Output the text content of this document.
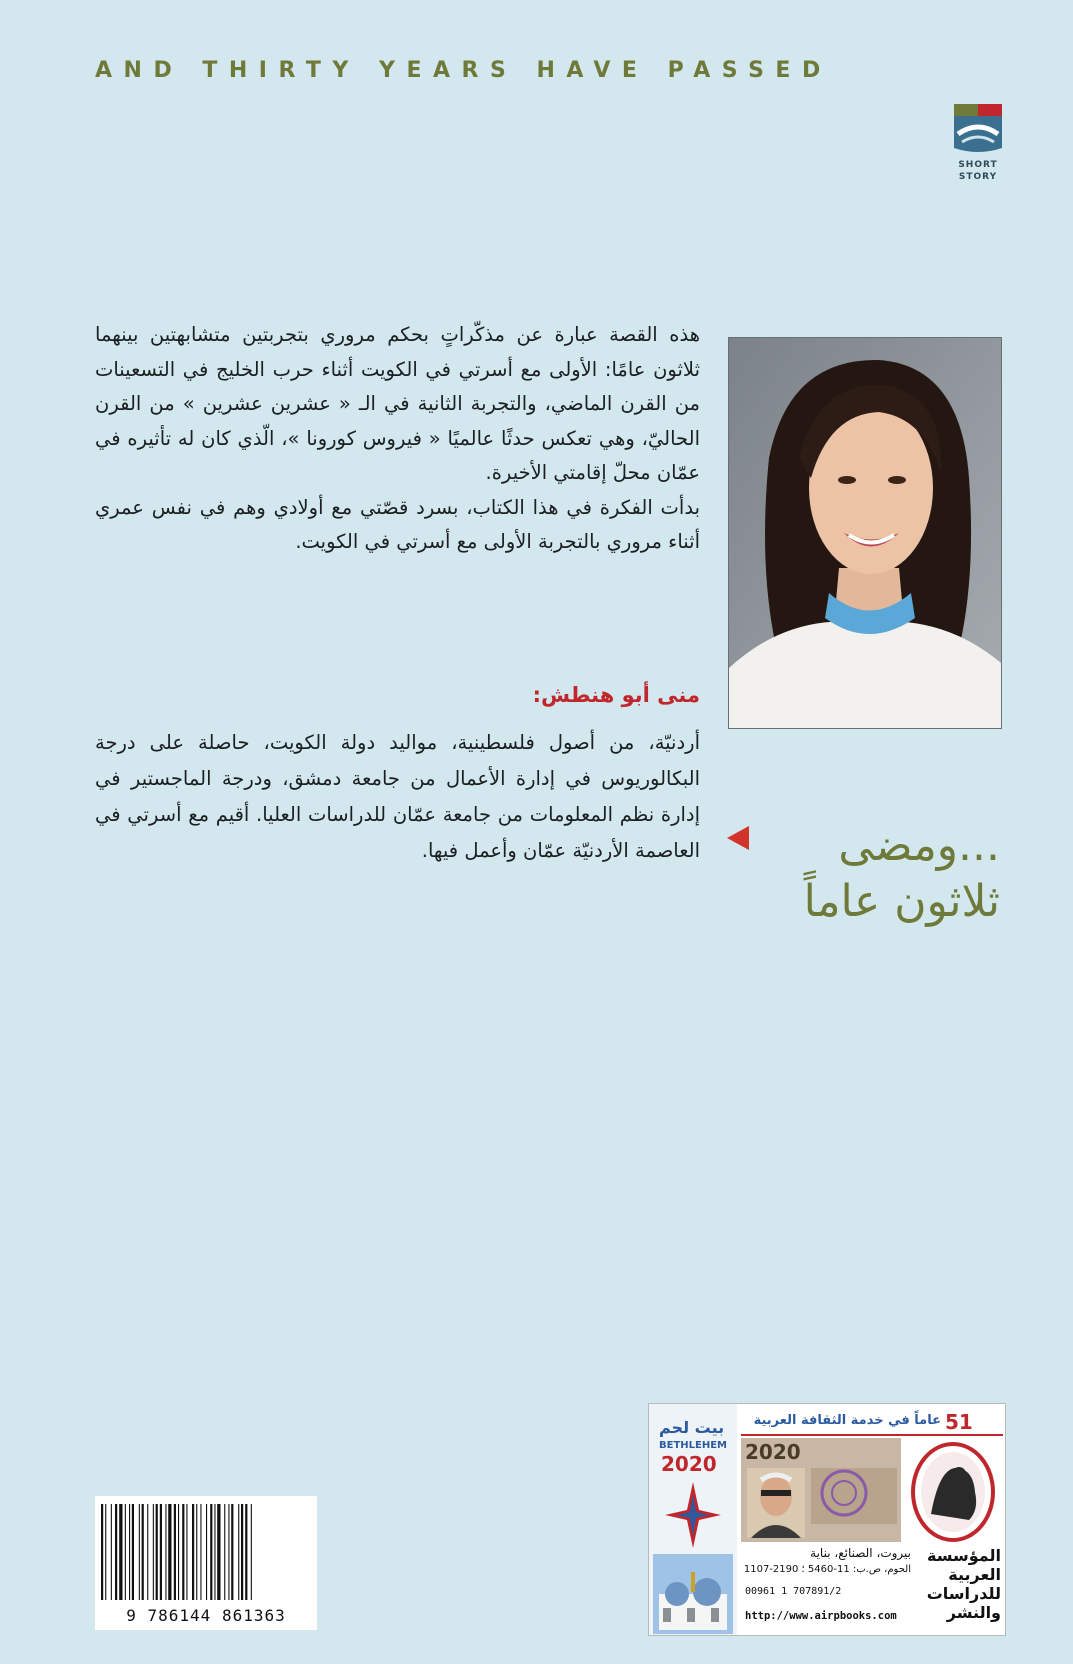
AND THIRTY YEARS HAVE PASSED
SHORT
STORY

هذه القصة عبارة عن مذكّراتٍ بحكم مروري بتجربتين متشابهتين بينهما ثلاثون عامًا: الأولى مع أسرتي في الكويت أثناء حرب الخليج في التسعينات من القرن الماضي، والتجربة الثانية في الـ « عشرين عشرين » من القرن الحاليّ، وهي تعكس حدثًا عالميًا « فيروس كورونا »، الّذي كان له تأثيره في عمّان محلّ إقامتي الأخيرة.

بدأت الفكرة في هذا الكتاب، بسرد قصّتي مع أولادي وهم في نفس عمري أثناء مروري بالتجربة الأولى مع أسرتي في الكويت.

منى أبو هنطش:
أردنيّة، من أصول فلسطينية، مواليد دولة الكويت، حاصلة على درجة البكالوريوس في إدارة الأعمال من جامعة دمشق، ودرجة الماجستير في إدارة نظم المعلومات من جامعة عمّان للدراسات العليا. أقيم مع أسرتي في العاصمة الأردنيّة عمّان وأعمل فيها.	...ومضى
ثلاثون عاماً
9 786144 861363
بيت لحم
BETHLEHEM
2020
51
عاماً في خدمة الثقافة العربية
2020
المؤسسة
العربية
للدراسات
والنشر
بيروت، الصنائع، بناية
الحوم، ص.ب: 11-5460 ؛ 2190-1107
00961 1 707891/2
http://www.airpbooks.com
